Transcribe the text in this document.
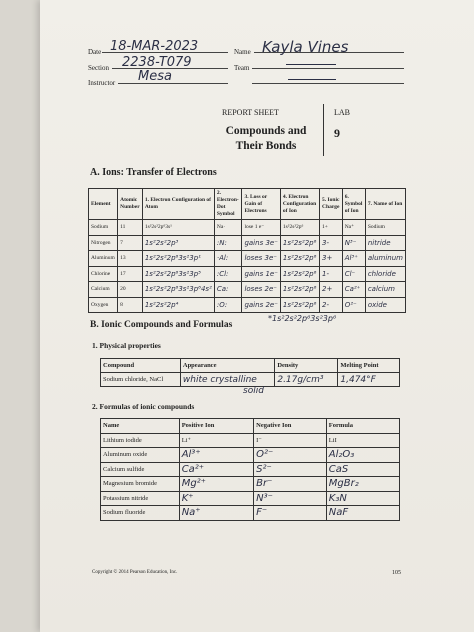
Date 18-MAR-2023	Name Kayla Vines
Section 2238-T079	Team
Instructor Mesa
REPORT SHEET	LAB
9
Compounds and
Their Bonds
A. Ions: Transfer of Electrons
Element	Atomic Number	1. Electron Configuration of Atom	2. Electron-Dot Symbol	3. Loss or Gain of Electrons	4. Electron Configuration of Ion	5. Ionic Charge	6. Symbol of Ion	7. Name of Ion
Sodium	11	1s²2s²2p⁶3s¹	Na·	lose 1 e⁻	1s²2s²2p⁶	1+	Na⁺	Sodium
Nitrogen	7	1s²2s²2p³	:N:	gains 3e⁻	1s²2s²2p⁶	3-	N³⁻	nitride
Aluminum	13	1s²2s²2p⁶3s²3p¹	·Al:	loses 3e⁻	1s²2s²2p⁶	3+	Al³⁺	aluminum
Chlorine	17	1s²2s²2p⁶3s²3p⁵	:Cl:	gains 1e⁻	1s²2s²2p⁶	1-	Cl⁻	chloride
Calcium	20	1s²2s²2p⁶3s²3p⁶4s²	Ca:	loses 2e⁻	1s²2s²2p⁶	2+	Ca²⁺	calcium
Oxygen	8	1s²2s²2p⁴	:O:	gains 2e⁻	1s²2s²2p⁶	2-	O²⁻	oxide
*1s²2s²2p⁶3s²3p⁶
B. Ionic Compounds and Formulas
1. Physical properties
Compound	Appearance	Density	Melting Point
Sodium chloride, NaCl	white crystalline	2.17g/cm³	1,474°F
solid
2. Formulas of ionic compounds
Name	Positive Ion	Negative Ion	Formula
Lithium iodide	Li⁺	I⁻	LiI
Aluminum oxide	Al³⁺	O²⁻	Al₂O₃
Calcium sulfide	Ca²⁺	S²⁻	CaS
Magnesium bromide	Mg²⁺	Br⁻	MgBr₂
Potassium nitride	K⁺	N³⁻	K₃N
Sodium fluoride	Na⁺	F⁻	NaF
Copyright © 2014 Pearson Education, Inc.	105
